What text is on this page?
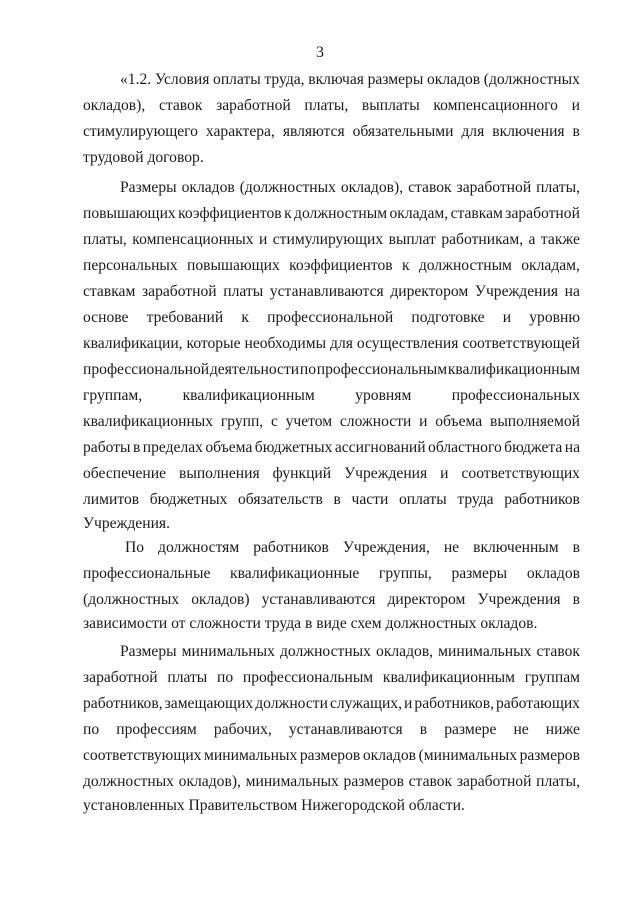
3
«1.2. Условия оплаты труда, включая размеры окладов (должностных
окладов), ставок заработной платы, выплаты компенсационного и
стимулирующего характера, являются обязательными для включения в
трудовой договор.
Размеры окладов (должностных окладов), ставок заработной платы,
повышающих коэффициентов к должностным окладам, ставкам заработной
платы, компенсационных и стимулирующих выплат работникам, а также
персональных повышающих коэффициентов к должностным окладам,
ставкам заработной платы устанавливаются директором Учреждения на
основе требований к профессиональной подготовке и уровню
квалификации, которые необходимы для осуществления соответствующей
профессиональной деятельности по профессиональным квалификационным
группам,	квалификационным	уровням	профессиональных
квалификационных групп, с учетом сложности и объема выполняемой
работы в пределах объема бюджетных ассигнований областного бюджета на
обеспечение выполнения функций Учреждения и соответствующих
лимитов бюджетных обязательств в части оплаты труда работников
Учреждения.
По должностям работников Учреждения, не включенным в
профессиональные квалификационные группы, размеры окладов
(должностных окладов) устанавливаются директором Учреждения в
зависимости от сложности труда в виде схем должностных окладов.
Размеры минимальных должностных окладов, минимальных ставок
заработной платы по профессиональным квалификационным группам
работников, замещающих должности служащих, и работников, работающих
по профессиям рабочих, устанавливаются в размере не ниже
соответствующих минимальных размеров окладов (минимальных размеров
должностных окладов), минимальных размеров ставок заработной платы,
установленных Правительством Нижегородской области.
